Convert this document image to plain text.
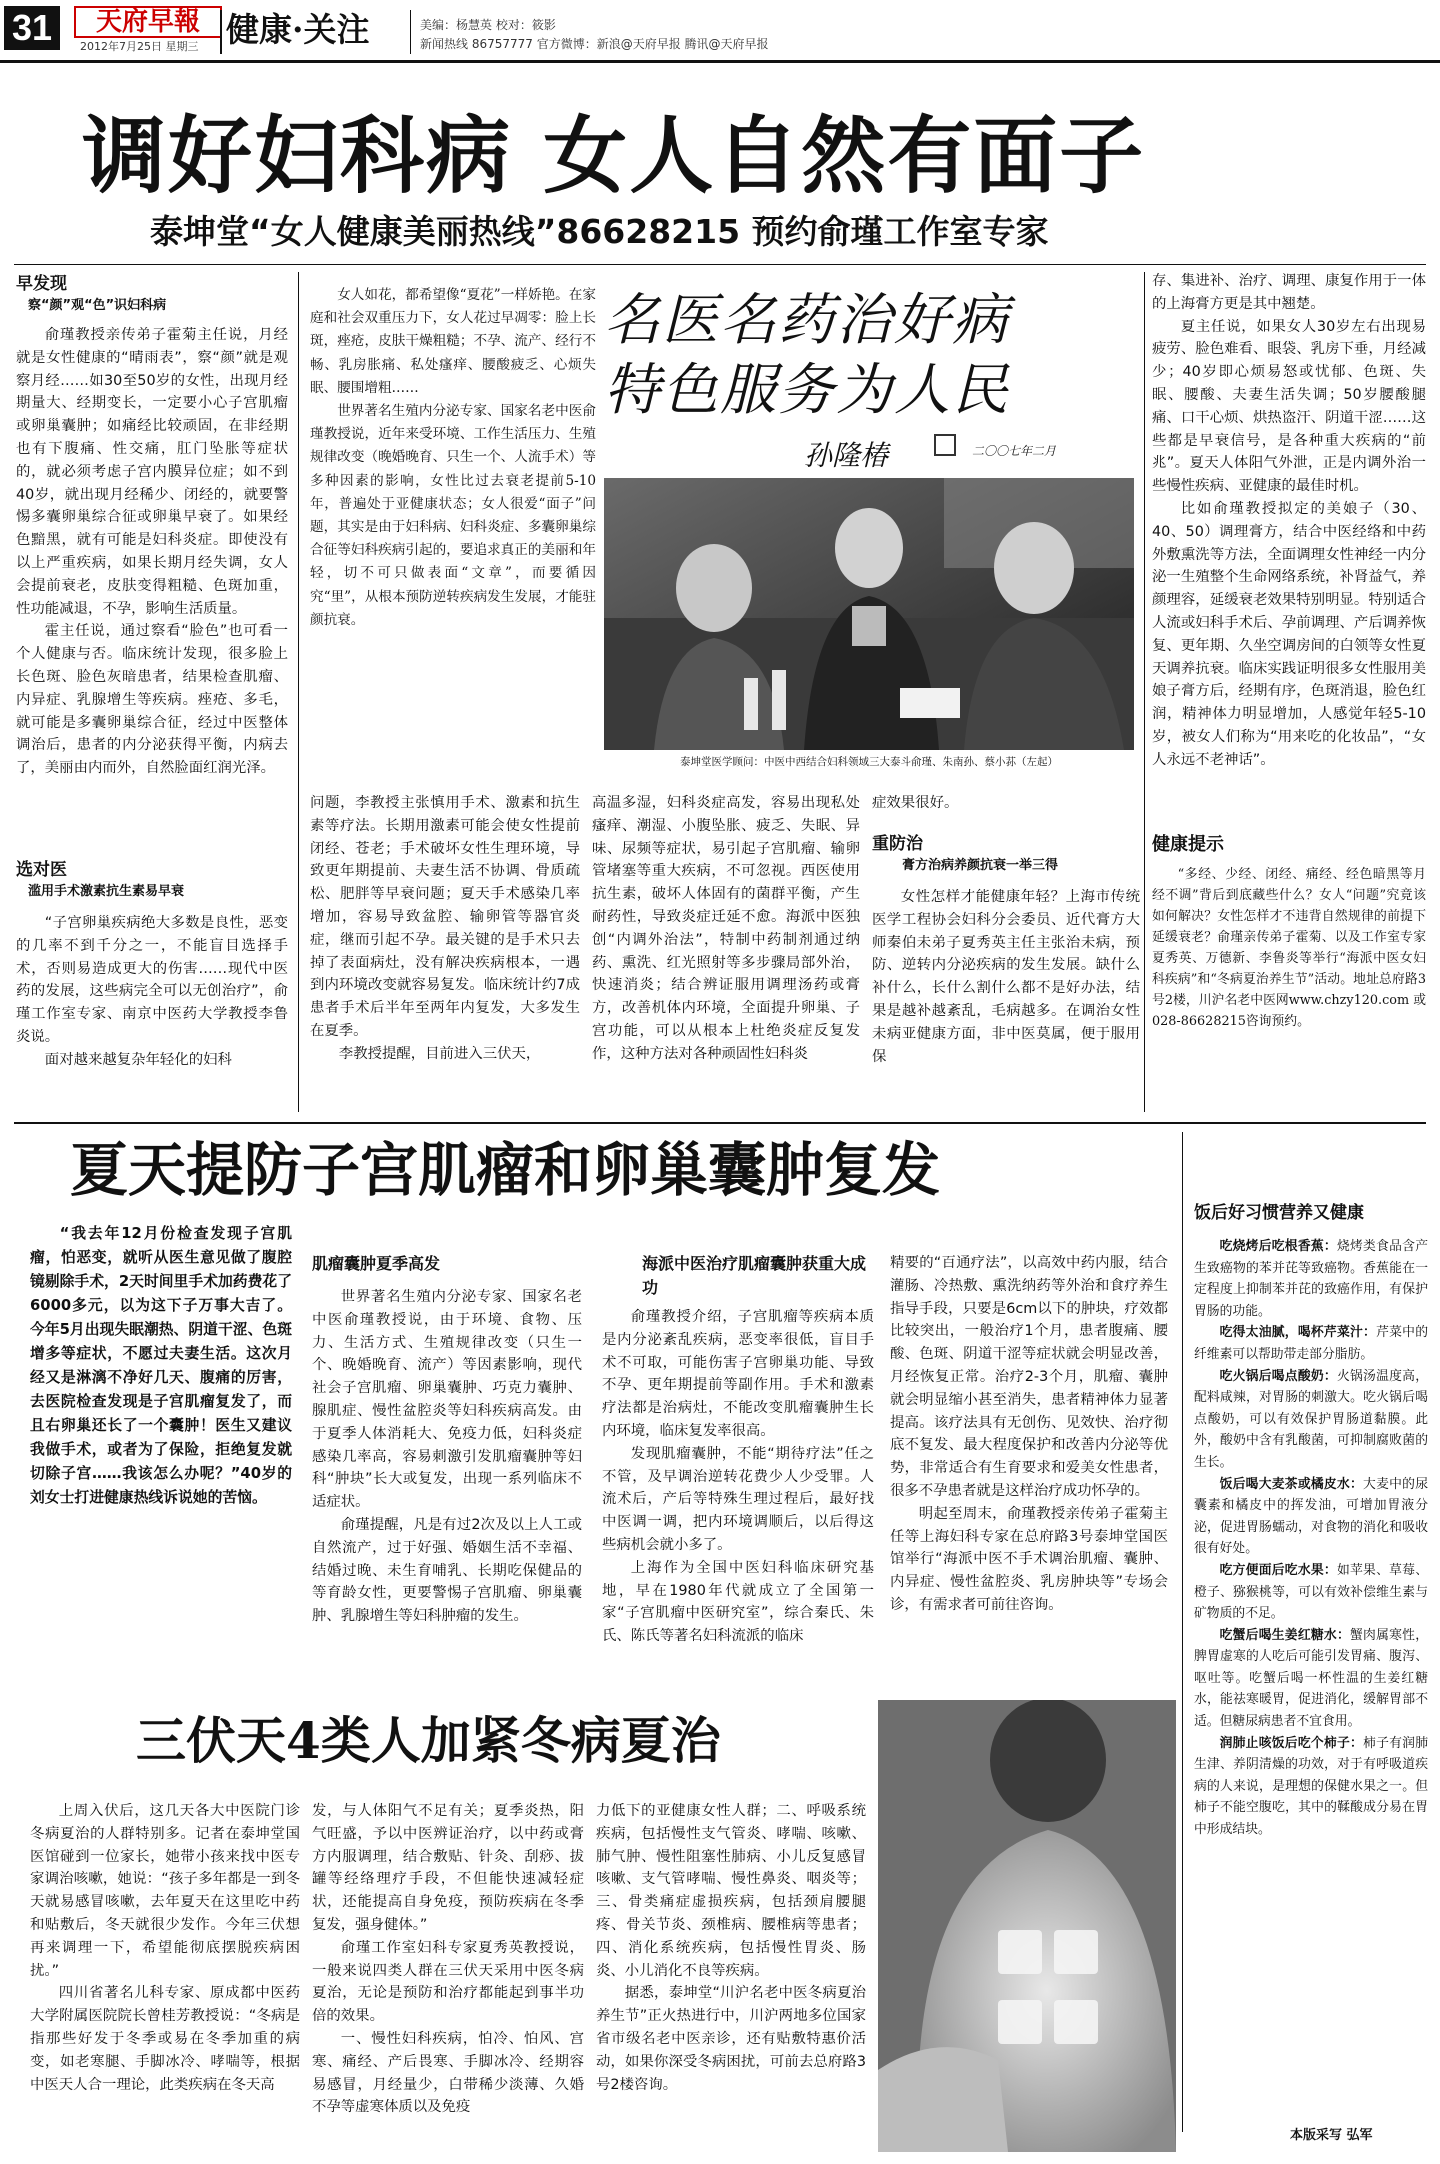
31	天府早報
2012年7月25日 星期三 健康·关注	美编：杨慧英 校对：筱影
新闻热线 86757777 官方微博：新浪@天府早报 腾讯@天府早报
调好妇科病 女人自然有面子
泰坤堂“女人健康美丽热线”86628215 预约俞瑾工作室专家
早发现
察“颜”观“色”识妇科病

俞瑾教授亲传弟子霍菊主任说，月经就是女性健康的“晴雨表”，察“颜”就是观察月经……如30至50岁的女性，出现月经期量大、经期变长，一定要小心子宫肌瘤或卵巢囊肿；如痛经比较顽固，在非经期也有下腹痛、性交痛，肛门坠胀等症状的，就必须考虑子宫内膜异位症；如不到40岁，就出现月经稀少、闭经的，就要警惕多囊卵巢综合征或卵巢早衰了。如果经色黯黑，就有可能是妇科炎症。即使没有以上严重疾病，如果长期月经失调，女人会提前衰老，皮肤变得粗糙、色斑加重，性功能减退，不孕，影响生活质量。

霍主任说，通过察看“脸色”也可看一个人健康与否。临床统计发现，很多脸上长色斑、脸色灰暗患者，结果检查肌瘤、内异症、乳腺增生等疾病。痤疮、多毛，就可能是多囊卵巢综合征，经过中医整体调治后，患者的内分泌获得平衡，内病去了，美丽由内而外，自然脸面红润光泽。

选对医
滥用手术激素抗生素易早衰

“子宫卵巢疾病绝大多数是良性，恶变的几率不到千分之一，不能盲目选择手术，否则易造成更大的伤害……现代中医药的发展，这些病完全可以无创治疗”，俞瑾工作室专家、南京中医药大学教授李鲁炎说。

面对越来越复杂年轻化的妇科

女人如花，都希望像“夏花”一样娇艳。在家庭和社会双重压力下，女人花过早凋零：脸上长斑，痤疮，皮肤干燥粗糙；不孕、流产、经行不畅、乳房胀痛、私处瘙痒、腰酸疲乏、心烦失眠、腰围增粗……

世界著名生殖内分泌专家、国家名老中医俞瑾教授说，近年来受环境、工作生活压力、生殖规律改变（晚婚晚育、只生一个、人流手术）等多种因素的影响，女性比过去衰老提前5-10年，普遍处于亚健康状态；女人很爱“面子”问题，其实是由于妇科病、妇科炎症、多囊卵巢综合征等妇科疾病引起的，要追求真正的美丽和年轻，切不可只做表面“文章”，而要循因究“里”，从根本预防逆转疾病发生发展，才能驻颜抗衰。

名医名药治好病
特色服务为人民
孙隆椿	二〇〇七年二月
泰坤堂医学顾问：中医中西结合妇科领域三大泰斗俞瑾、朱南孙、蔡小荪（左起）

问题，李教授主张慎用手术、激素和抗生素等疗法。长期用激素可能会使女性提前闭经、苍老；手术破坏女性生理环境，导致更年期提前、夫妻生活不协调、骨质疏松、肥胖等早衰问题；夏天手术感染几率增加，容易导致盆腔、输卵管等器官炎症，继而引起不孕。最关键的是手术只去掉了表面病灶，没有解决疾病根本，一遇到内环境改变就容易复发。临床统计约7成患者手术后半年至两年内复发，大多发生在夏季。

李教授提醒，目前进入三伏天，

高温多湿，妇科炎症高发，容易出现私处瘙痒、潮湿、小腹坠胀、疲乏、失眠、异味、尿频等症状，易引起子宫肌瘤、输卵管堵塞等重大疾病，不可忽视。西医使用抗生素，破坏人体固有的菌群平衡，产生耐药性，导致炎症迁延不愈。海派中医独创“内调外治法”，特制中药制剂通过纳药、熏洗、红光照射等多步骤局部外治，快速消炎；结合辨证服用调理汤药或膏方，改善机体内环境，全面提升卵巢、子宫功能，可以从根本上杜绝炎症反复发作，这种方法对各种顽固性妇科炎

症效果很好。
重防治
膏方治病养颜抗衰一举三得

女性怎样才能健康年轻？上海市传统医学工程协会妇科分会委员、近代膏方大师秦伯未弟子夏秀英主任主张治未病，预防、逆转内分泌疾病的发生发展。缺什么补什么，长什么割什么都不是好办法，结果是越补越紊乱，毛病越多。在调治女性未病亚健康方面，非中医莫属，便于服用保

存、集进补、治疗、调理、康复作用于一体的上海膏方更是其中翘楚。

夏主任说，如果女人30岁左右出现易疲劳、脸色难看、眼袋、乳房下垂，月经减少；40岁即心烦易怒或忧郁、色斑、失眠、腰酸、夫妻生活失调；50岁腰酸腿痛、口干心烦、烘热盗汗、阴道干涩……这些都是早衰信号，是各种重大疾病的“前兆”。夏天人体阳气外泄，正是内调外治一些慢性疾病、亚健康的最佳时机。

比如俞瑾教授拟定的美娘子（30、40、50）调理膏方，结合中医经络和中药外敷熏洗等方法，全面调理女性神经一内分泌一生殖整个生命网络系统，补肾益气，养颜理容，延缓衰老效果特别明显。特别适合人流或妇科手术后、孕前调理、产后调养恢复、更年期、久坐空调房间的白领等女性夏天调养抗衰。临床实践证明很多女性服用美娘子膏方后，经期有序，色斑消退，脸色红润，精神体力明显增加，人感觉年轻5-10岁，被女人们称为“用来吃的化妆品”，“女人永远不老神话”。

健康提示
“多经、少经、闭经、痛经、经色暗黑等月经不调”背后到底藏些什么？女人“问题”究竟该如何解决？女性怎样才不违背自然规律的前提下延缓衰老？俞瑾亲传弟子霍菊、以及工作室专家夏秀英、万德新、李鲁炎等举行“海派中医女妇科疾病”和“冬病夏治养生节”活动。地址总府路3号2楼，川沪名老中医网www.chzy120.com 或 028-86628215咨询预约。
夏天提防子宫肌瘤和卵巢囊肿复发

“我去年12月份检查发现子宫肌瘤，怕恶变，就听从医生意见做了腹腔镜剔除手术，2天时间里手术加药费花了6000多元，以为这下子万事大吉了。今年5月出现失眠潮热、阴道干涩、色斑增多等症状，不愿过夫妻生活。这次月经又是淋漓不净好几天、腹痛的厉害，去医院检查发现是子宫肌瘤复发了，而且右卵巢还长了一个囊肿！医生又建议我做手术，或者为了保险，拒绝复发就切除子宫……我该怎么办呢？”40岁的刘女士打进健康热线诉说她的苦恼。

肌瘤囊肿夏季高发

世界著名生殖内分泌专家、国家名老中医俞瑾教授说，由于环境、食物、压力、生活方式、生殖规律改变（只生一个、晚婚晚育、流产）等因素影响，现代社会子宫肌瘤、卵巢囊肿、巧克力囊肿、腺肌症、慢性盆腔炎等妇科疾病高发。由于夏季人体消耗大、免疫力低，妇科炎症感染几率高，容易刺激引发肌瘤囊肿等妇科“肿块”长大或复发，出现一系列临床不适症状。

俞瑾提醒，凡是有过2次及以上人工或自然流产，过于好强、婚姻生活不幸福、结婚过晚、未生育哺乳、长期吃保健品的等育龄女性，更要警惕子宫肌瘤、卵巢囊肿、乳腺增生等妇科肿瘤的发生。

海派中医治疗肌瘤囊肿获重大成功

俞瑾教授介绍，子宫肌瘤等疾病本质是内分泌紊乱疾病，恶变率很低，盲目手术不可取，可能伤害子宫卵巢功能、导致不孕、更年期提前等副作用。手术和激素疗法都是治病灶，不能改变肌瘤囊肿生长内环境，临床复发率很高。

发现肌瘤囊肿，不能“期待疗法”任之不管，及早调治逆转花费少人少受罪。人流术后，产后等特殊生理过程后，最好找中医调一调，把内环境调顺后，以后得这些病机会就小多了。

上海作为全国中医妇科临床研究基地，早在1980年代就成立了全国第一家“子宫肌瘤中医研究室”，综合秦氏、朱氏、陈氏等著名妇科流派的临床

精要的“百通疗法”，以高效中药内服，结合灌肠、冷热敷、熏洗纳药等外治和食疗养生指导手段，只要是6cm以下的肿块，疗效都比较突出，一般治疗1个月，患者腹痛、腰酸、色斑、阴道干涩等症状就会明显改善，月经恢复正常。治疗2-3个月，肌瘤、囊肿就会明显缩小甚至消失，患者精神体力显著提高。该疗法具有无创伤、见效快、治疗彻底不复发、最大程度保护和改善内分泌等优势，非常适合有生育要求和爱美女性患者，很多不孕患者就是这样治疗成功怀孕的。

明起至周末，俞瑾教授亲传弟子霍菊主任等上海妇科专家在总府路3号泰坤堂国医馆举行“海派中医不手术调治肌瘤、囊肿、内异症、慢性盆腔炎、乳房肿块等”专场会诊，有需求者可前往咨询。

三伏天4类人加紧冬病夏治

上周入伏后，这几天各大中医院门诊冬病夏治的人群特别多。记者在泰坤堂国医馆碰到一位家长，她带小孩来找中医专家调治咳嗽，她说：“孩子多年都是一到冬天就易感冒咳嗽，去年夏天在这里吃中药和贴敷后，冬天就很少发作。今年三伏想再来调理一下，希望能彻底摆脱疾病困扰。”

四川省著名儿科专家、原成都中医药大学附属医院院长曾桂芳教授说：“冬病是指那些好发于冬季或易在冬季加重的病变，如老寒腿、手脚冰冷、哮喘等，根据中医天人合一理论，此类疾病在冬天高

发，与人体阳气不足有关；夏季炎热，阳气旺盛，予以中医辨证治疗，以中药或膏方内服调理，结合敷贴、针灸、刮痧、拔罐等经络理疗手段，不但能快速减轻症状，还能提高自身免疫，预防疾病在冬季复发，强身健体。”

俞瑾工作室妇科专家夏秀英教授说，一般来说四类人群在三伏天采用中医冬病夏治，无论是预防和治疗都能起到事半功倍的效果。

一、慢性妇科疾病，怕冷、怕风、宫寒、痛经、产后畏寒、手脚冰冷、经期容易感冒，月经量少，白带稀少淡薄、久婚不孕等虚寒体质以及免疫

力低下的亚健康女性人群；二、呼吸系统疾病，包括慢性支气管炎、哮喘、咳嗽、肺气肿、慢性阻塞性肺病、小儿反复感冒咳嗽、支气管哮喘、慢性鼻炎、咽炎等；三、骨类痛症虚损疾病，包括颈肩腰腿疼、骨关节炎、颈椎病、腰椎病等患者；四、消化系统疾病，包括慢性胃炎、肠炎、小儿消化不良等疾病。

据悉，泰坤堂“川沪名老中医冬病夏治养生节”正火热进行中，川沪两地多位国家省市级名老中医亲诊，还有贴敷特惠价活动，如果你深受冬病困扰，可前去总府路3号2楼咨询。

饭后好习惯营养又健康
吃烧烤后吃根香蕉：烧烤类食品含产生致癌物的苯并芘等致癌物。香蕉能在一定程度上抑制苯并芘的致癌作用，有保护胃肠的功能。
吃得太油腻，喝杯芹菜汁：芹菜中的纤维素可以帮助带走部分脂肪。
吃火锅后喝点酸奶：火锅汤温度高，配料咸辣，对胃肠的刺激大。吃火锅后喝点酸奶，可以有效保护胃肠道黏膜。此外，酸奶中含有乳酸菌，可抑制腐败菌的生长。
饭后喝大麦茶或橘皮水：大麦中的尿囊素和橘皮中的挥发油，可增加胃液分泌，促进胃肠蠕动，对食物的消化和吸收很有好处。
吃方便面后吃水果：如苹果、草莓、橙子、猕猴桃等，可以有效补偿维生素与矿物质的不足。
吃蟹后喝生姜红糖水：蟹肉属寒性，脾胃虚寒的人吃后可能引发胃痛、腹泻、呕吐等。吃蟹后喝一杯性温的生姜红糖水，能祛寒暖胃，促进消化，缓解胃部不适。但糖尿病患者不宜食用。
润肺止咳饭后吃个柿子：柿子有润肺生津、养阴清燥的功效，对于有呼吸道疾病的人来说，是理想的保健水果之一。但柿子不能空腹吃，其中的鞣酸成分易在胃中形成结块。
本版采写 弘军
